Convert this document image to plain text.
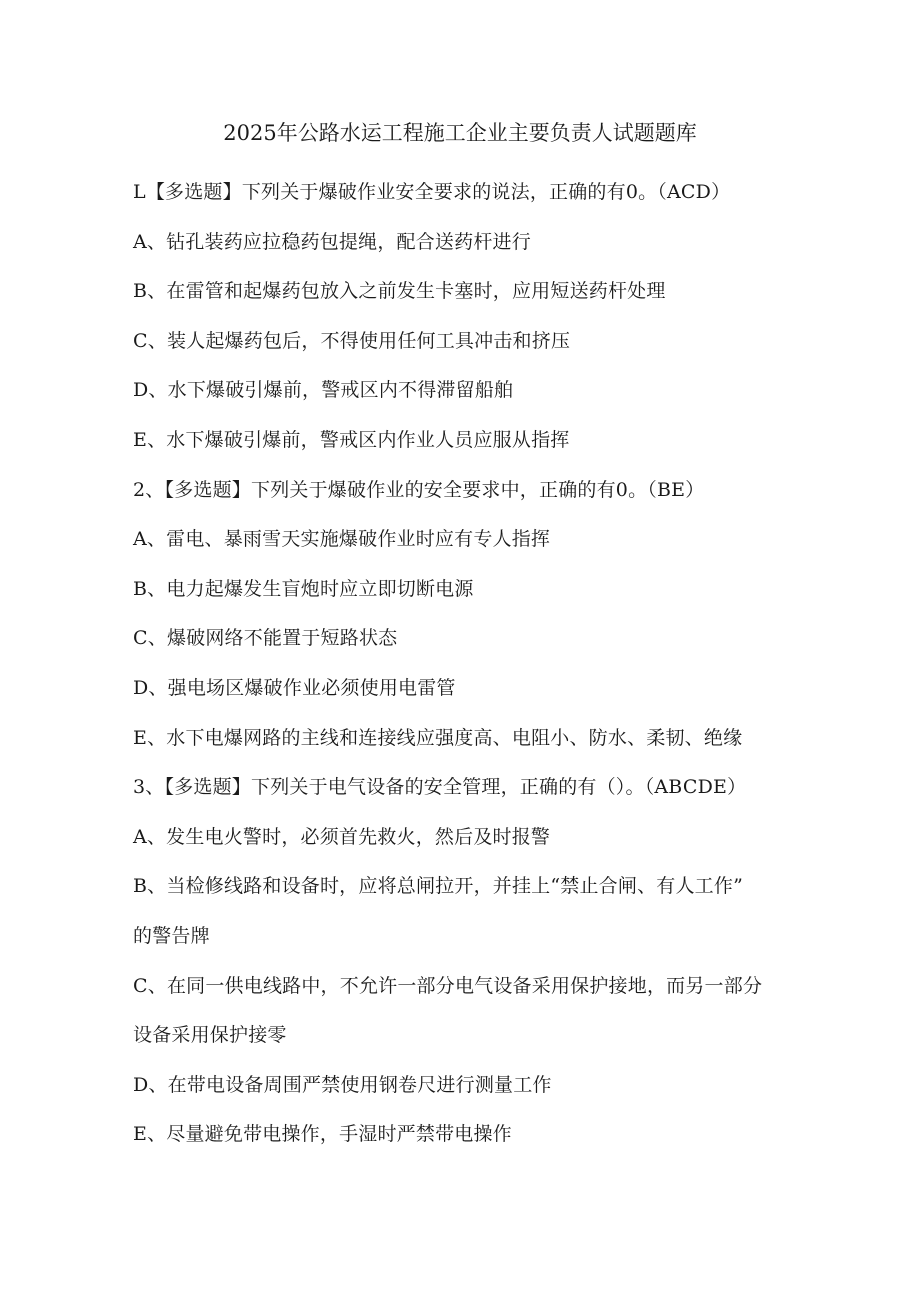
2025年公路水运工程施工企业主要负责人试题题库
L【多选题】下列关于爆破作业安全要求的说法，正确的有0。（ACD）
A、钻孔装药应拉稳药包提绳，配合送药杆进行
B、在雷管和起爆药包放入之前发生卡塞时，应用短送药杆处理
C、装人起爆药包后，不得使用任何工具冲击和挤压
D、水下爆破引爆前，警戒区内不得滞留船舶
E、水下爆破引爆前，警戒区内作业人员应服从指挥
2、【多选题】下列关于爆破作业的安全要求中，正确的有0。（BE）
A、雷电、暴雨雪天实施爆破作业时应有专人指挥
B、电力起爆发生盲炮时应立即切断电源
C、爆破网络不能置于短路状态
D、强电场区爆破作业必须使用电雷管
E、水下电爆网路的主线和连接线应强度高、电阻小、防水、柔韧、绝缘
3、【多选题】下列关于电气设备的安全管理，正确的有（）。（ABCDE）
A、发生电火警时，必须首先救火，然后及时报警
B、当检修线路和设备时，应将总闸拉开，并挂上“禁止合闸、有人工作”
的警告牌
C、在同一供电线路中，不允许一部分电气设备采用保护接地，而另一部分
设备采用保护接零
D、在带电设备周围严禁使用钢卷尺进行测量工作
E、尽量避免带电操作，手湿时严禁带电操作
